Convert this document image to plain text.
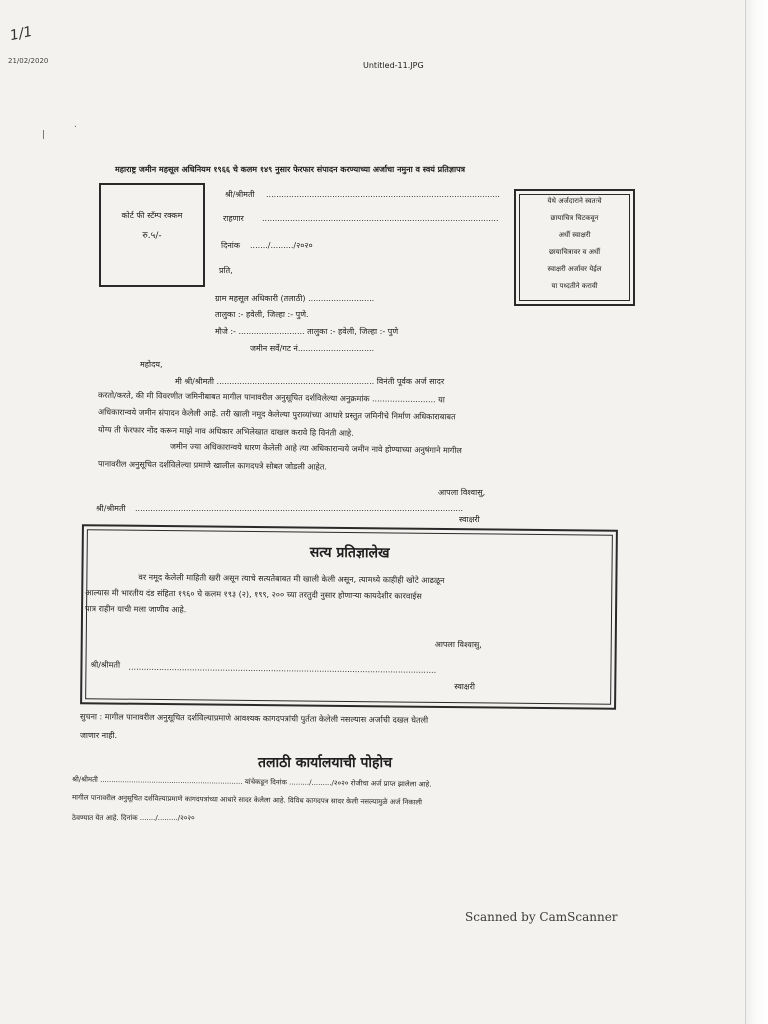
1/1
21/02/2020
|
.
Untitled-11.JPG
महाराष्ट्र जमीन महसूल अधिनियम १९६६ चे कलम १४९ नुसार फेरफार संपादन करण्याच्या अर्जाचा नमुना व स्वयं प्रतिज्ञापत्र
कोर्ट फी स्टॅम्प रक्कम
रु.५/-
येथे अर्जदाराने स्वतःचे
छायाचित्र चिटकवून
अर्धी स्वाक्षरी
छायाचित्रावर व अर्धी
स्वाक्षरी अर्जावर येईल
या पध्दतीने करावी
श्री/श्रीमती ............................................................................................
राहणार .............................................................................................
दिनांक ......./........./२०२०
प्रति,
ग्राम महसूल अधिकारी (तलाठी) ..........................
तालुका :- हवेली, जिल्हा :- पुणे.
मौजे :- .......................... तालुका :- हवेली, जिल्हा :- पुणे
जमीन सर्वे/गट नं..............................
महोदय,
मी श्री/श्रीमती .............................................................. विनंती पूर्वक अर्ज सादर
करतो/करते, की मी विवरणीत जमिनीबाबत मागील पानावरील अनुसूचित दर्शविलेल्या अनुक्रमांक ......................... या
अधिकारान्वये जमीन संपादन केलेली आहे. तरी खाली नमूद केलेल्या पुराव्यांच्या आधारे प्रस्तुत जमिनीचे निर्माण अधिकाराबाबत
योग्य ती फेरफार नोंद करून माझे नाव अधिकार अभिलेखात दाखल करावे हि विनंती आहे.
जमीन ज्या अधिकारान्वये धारण केलेली आहे त्या अधिकारान्वये जमीन नावे होण्याच्या अनुषंगाने मागील
पानावरील अनुसूचित दर्शविलेल्या प्रमाणे खालील कागदपत्रे सोबत जोडली आहेत.
आपला विश्वासु,
श्री/श्रीमती .................................................................................................................................
स्वाक्षरी
सत्य प्रतिज्ञालेख
वर नमूद केलेली माहिती खरी असून त्याचे सत्यतेबाबत मी खाली केली असून, त्यामध्ये काहीही खोटे आढळून
आल्यास मी भारतीय दंड संहिता १९६० चे कलम १९३ (२), १९९, २०० च्या तरतुदी नुसार होणाऱ्या कायदेशीर कारवाईस
पात्र राहीन याची मला जाणीव आहे.
आपला विश्वासु,
श्री/श्रीमती .........................................................................................................................
स्वाक्षरी
सुचना : मागील पानावरील अनुसूचित दर्शविल्याप्रमाणे आवश्यक कागदपत्रांची पुर्तता केलेली नसल्यास अर्जाची दखल घेतली
जाणार नाही.
तलाठी कार्यालयाची पोहोच
श्री/श्रीमती ................................................................ यांचेकडून दिनांक ........./........./२०२० रोजीचा अर्ज प्राप्त झालेला आहे.
मागील पानावरील अनुसूचित दर्शविल्याप्रमाणे कागदपत्रांच्या आधारे सादर केलेला आहे. विविध कागदपत्र सादर केली नसल्यामुळे अर्ज निकाली
ठेवण्यात येत आहे. दिनांक ......./........./२०२०
Scanned by CamScanner
